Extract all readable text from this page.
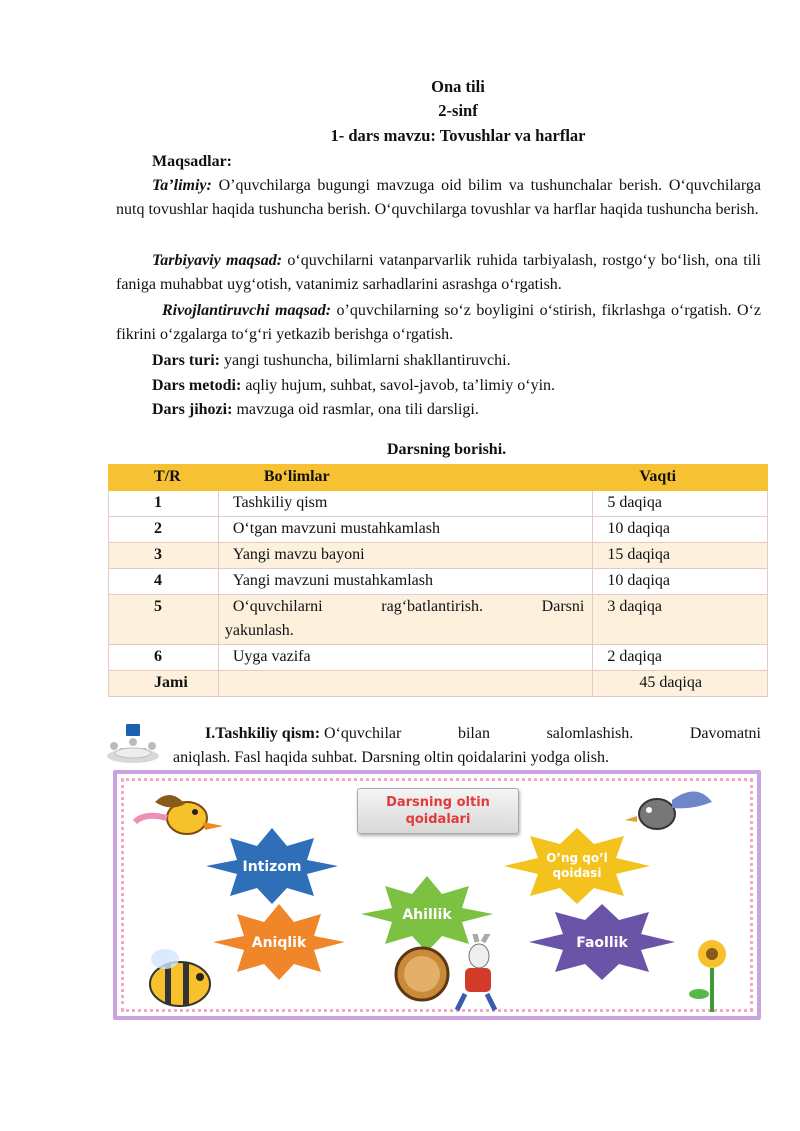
Ona tili
2-sinf
1- dars mavzu: Tovushlar va harflar
Maqsadlar:
Ta’limiy: O’quvchilarga bugungi mavzuga oid bilim va tushunchalar berish. O‘quvchilarga nutq tovushlar haqida tushuncha berish. O‘quvchilarga tovushlar va harflar haqida tushuncha berish.
Tarbiyaviy maqsad: o‘quvchilarni vatanparvarlik ruhida tarbiyalash, rostgo‘y bo‘lish, ona tili faniga muhabbat uyg‘otish, vatanimiz sarhadlarini asrashga o‘rgatish.
Rivojlantiruvchi maqsad: o’quvchilarning so‘z boyligini o‘stirish, fikrlashga o‘rgatish. O‘z fikrini o‘zgalarga to‘g‘ri yetkazib berishga o‘rgatish.
Dars turi: yangi tushuncha, bilimlarni shakllantiruvchi.
Dars metodi: aqliy hujum, suhbat, savol-javob, ta’limiy o‘yin.
Dars jihozi: mavzuga oid rasmlar, ona tili darsligi.
Darsning borishi.
T/R	Bo‘limlar	Vaqti
1	Tashkiliy qism	5 daqiqa
2	O‘tgan mavzuni mustahkamlash	10 daqiqa
3	Yangi mavzu bayoni	15 daqiqa
4	Yangi mavzuni mustahkamlash	10 daqiqa
5	O‘quvchilarni rag‘batlantirish. Darsni
yakunlash.	3 daqiqa
6	Uyga vazifa	2 daqiqa
Jami		45 daqiqa
I.Tashkiliy qism: O‘quvchilar	bilan	salomlashish.	Davomatni
aniqlash. Fasl haqida suhbat. Darsning oltin qoidalarini yodga olish.
Darsning oltin
qoidalari
Intizom
O’ng qo’l
qoidasi
Ahillik
Aniqlik	Faollik
